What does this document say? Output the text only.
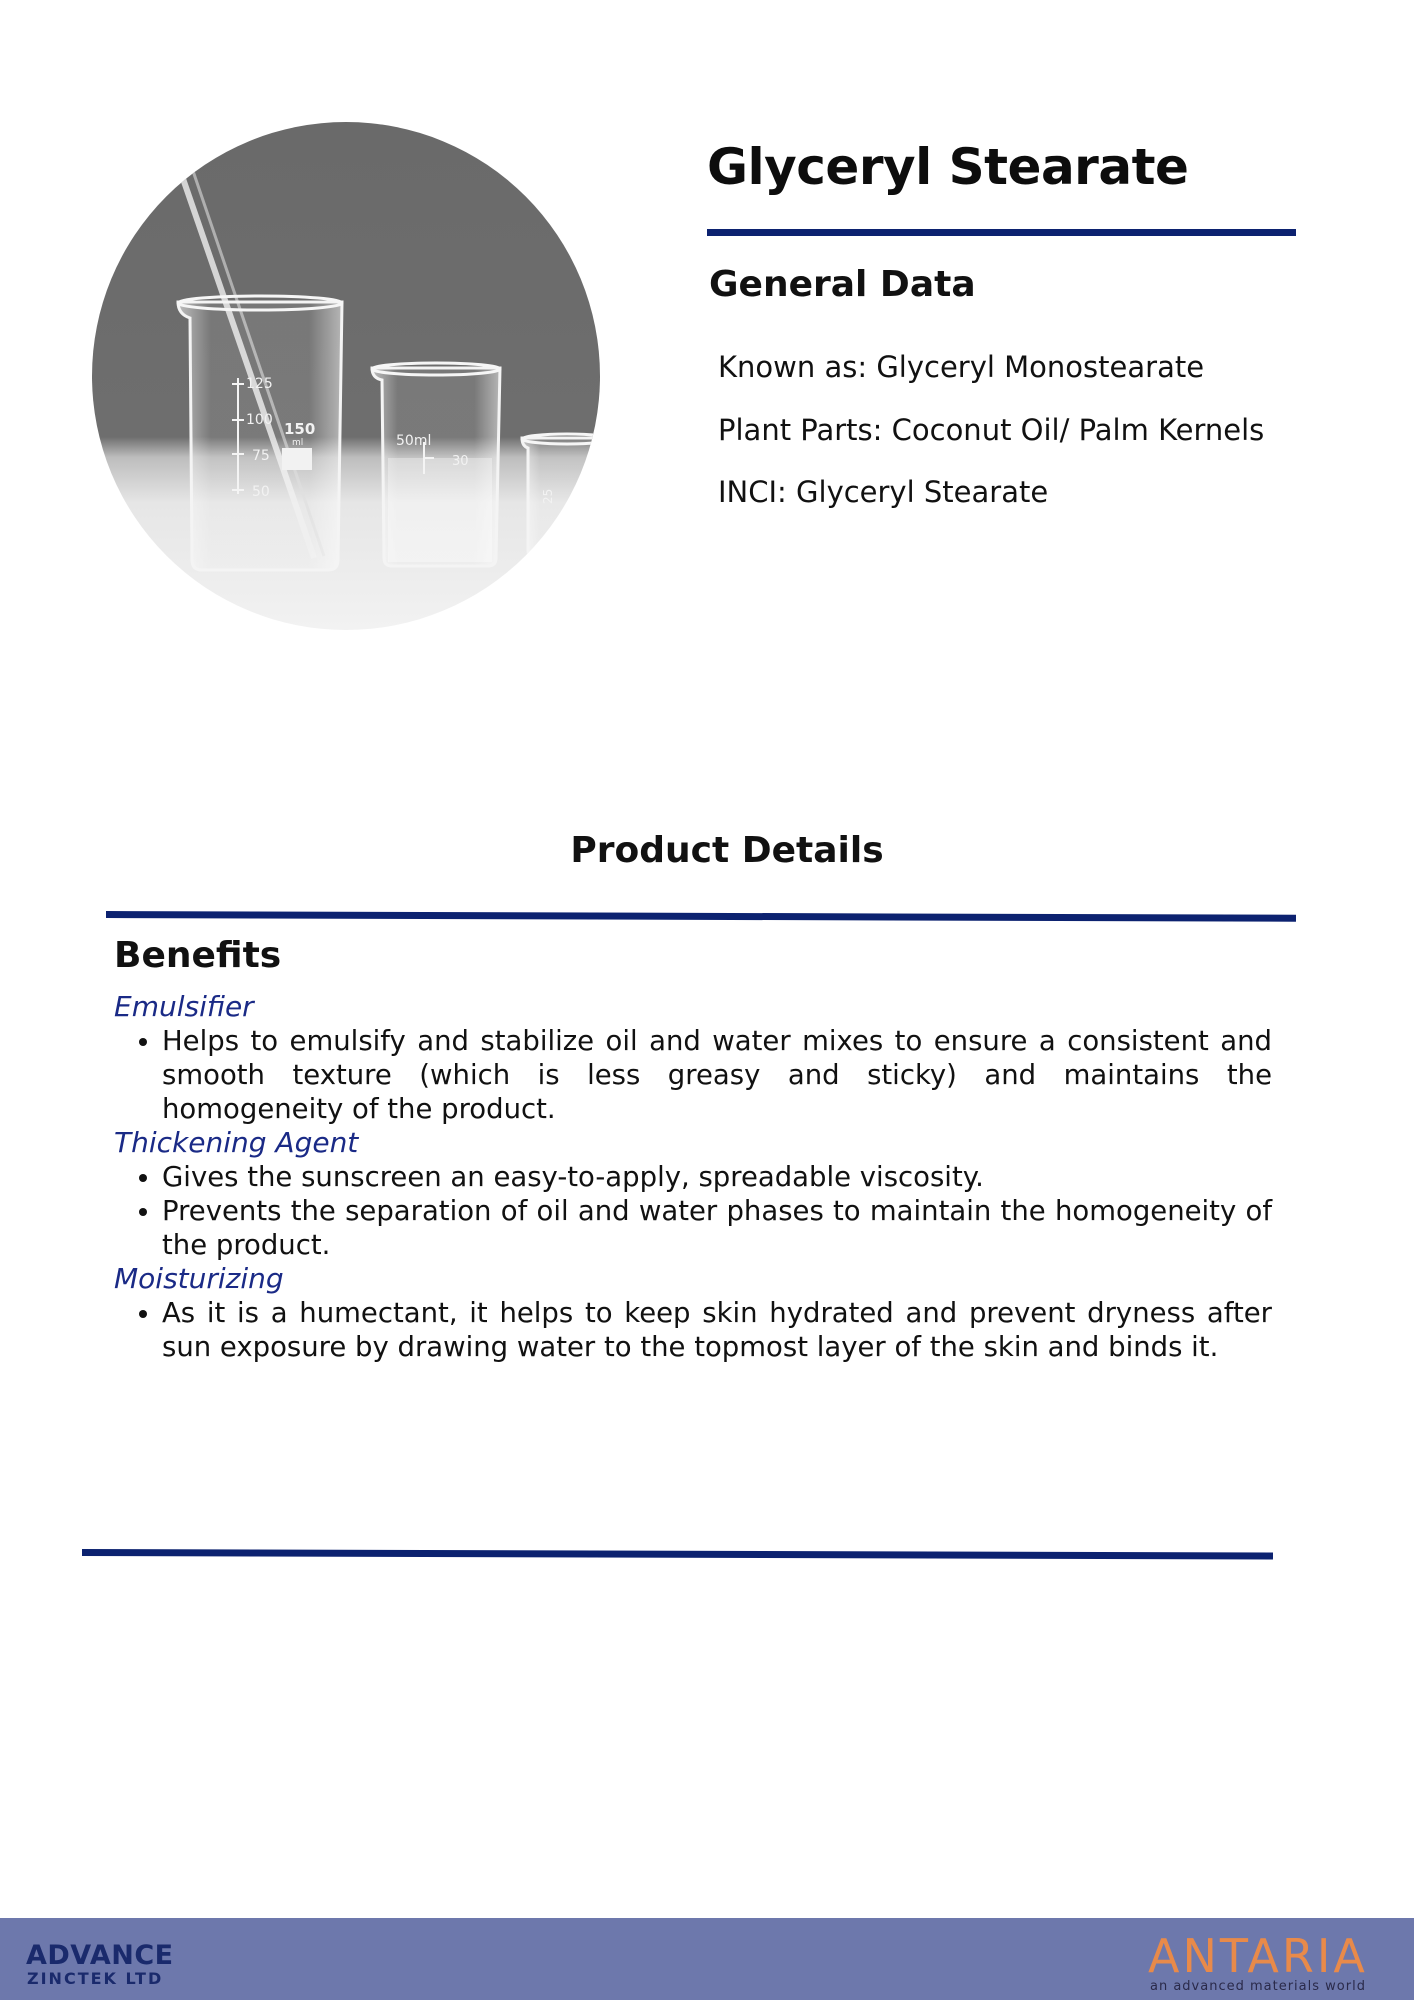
125
100 150
ml
75
50
50ml
30
25
Glyceryl Stearate
General Data
Known as: Glyceryl Monostearate
Plant Parts: Coconut Oil/ Palm Kernels
INCI: Glyceryl Stearate
Product Details
Benefits
Emulsifier
• Helps to emulsify and stabilize oil and water mixes to ensure a consistent and smooth texture (which is less greasy and sticky) and maintains the homogeneity of the product.
Thickening Agent
• Gives the sunscreen an easy-to-apply, spreadable viscosity.
• Prevents the separation of oil and water phases to maintain the homogeneity of the product.
Moisturizing
• As it is a humectant, it helps to keep skin hydrated and prevent dryness after sun exposure by drawing water to the topmost layer of the skin and binds it.
ADVANCE
ZINCTEK LTD	ANTARIA
an advanced materials world
